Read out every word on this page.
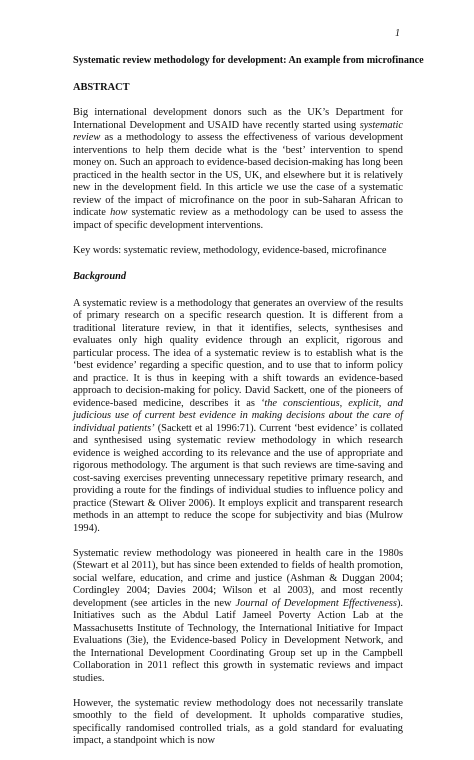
1
Systematic review methodology for development: An example from microfinance
ABSTRACT

Big international development donors such as the UK’s Department for International Development and USAID have recently started using systematic review as a methodology to assess the effectiveness of various development interventions to help them decide what is the ‘best’ intervention to spend money on. Such an approach to evidence-based decision-making has long been practiced in the health sector in the US, UK, and elsewhere but it is relatively new in the development field. In this article we use the case of a systematic review of the impact of microfinance on the poor in sub-Saharan African to indicate how systematic review as a methodology can be used to assess the impact of specific development interventions.

Key words: systematic review, methodology, evidence-based, microfinance
Background

A systematic review is a methodology that generates an overview of the results of primary research on a specific research question. It is different from a traditional literature review, in that it identifies, selects, synthesises and evaluates only high quality evidence through an explicit, rigorous and particular process. The idea of a systematic review is to establish what is the ‘best evidence’ regarding a specific question, and to use that to inform policy and practice. It is thus in keeping with a shift towards an evidence-based approach to decision-making for policy. David Sackett, one of the pioneers of evidence-based medicine, describes it as ‘the conscientious, explicit, and judicious use of current best evidence in making decisions about the care of individual patients’ (Sackett et al 1996:71). Current ‘best evidence’ is collated and synthesised using systematic review methodology in which research evidence is weighed according to its relevance and the use of appropriate and rigorous methodology. The argument is that such reviews are time-saving and cost-saving exercises preventing unnecessary repetitive primary research, and providing a route for the findings of individual studies to influence policy and practice (Stewart & Oliver 2006). It employs explicit and transparent research methods in an attempt to reduce the scope for subjectivity and bias (Mulrow 1994).

Systematic review methodology was pioneered in health care in the 1980s (Stewart et al 2011), but has since been extended to fields of health promotion, social welfare, education, and crime and justice (Ashman & Duggan 2004; Cordingley 2004; Davies 2004; Wilson et al 2003), and most recently development (see articles in the new Journal of Development Effectiveness). Initiatives such as the Abdul Latif Jameel Poverty Action Lab at the Massachusetts Institute of Technology, the International Initiative for Impact Evaluations (3ie), the Evidence-based Policy in Development Network, and the International Development Coordinating Group set up in the Campbell Collaboration in 2011 reflect this growth in systematic reviews and impact studies.

However, the systematic review methodology does not necessarily translate smoothly to the field of development. It upholds comparative studies, specifically randomised controlled trials, as a gold standard for evaluating impact, a standpoint which is now
